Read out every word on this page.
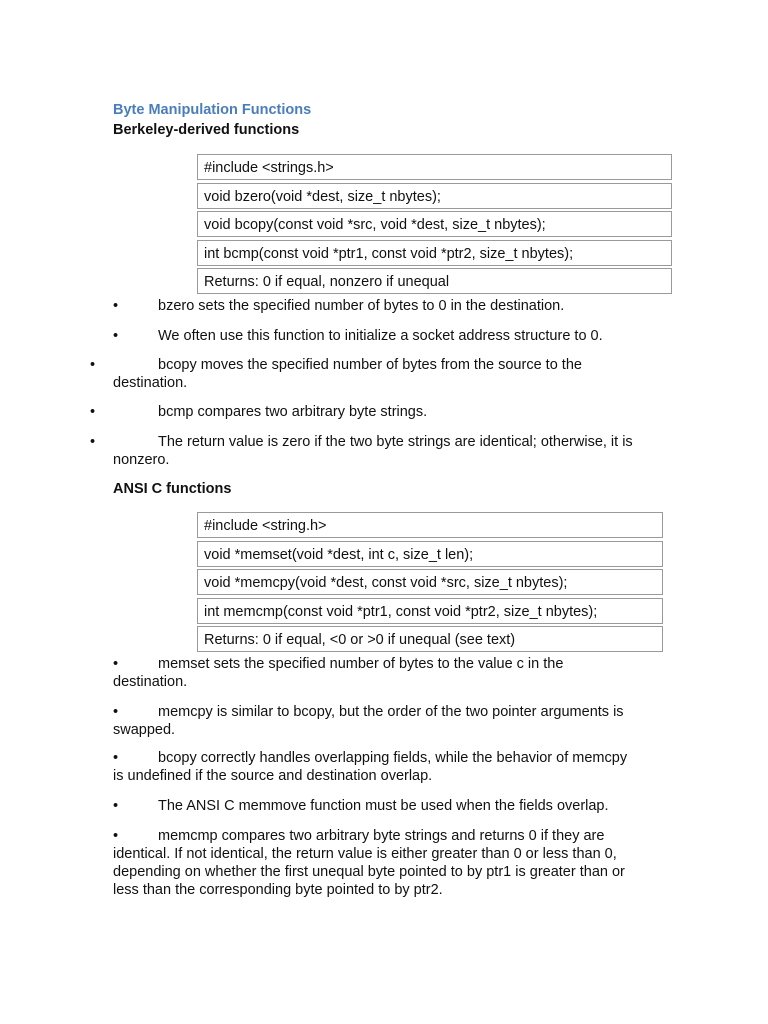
Byte Manipulation Functions
Berkeley-derived functions
#include <strings.h>
void bzero(void *dest, size_t nbytes);
void bcopy(const void *src, void *dest, size_t nbytes);
int bcmp(const void *ptr1, const void *ptr2, size_t nbytes);
Returns: 0 if equal, nonzero if unequal
•	bzero sets the specified number of bytes to 0 in the destination.

•	We often use this function to initialize a socket address structure to 0.

•	bcopy moves the specified number of bytes from the source to the

destination.

•	bcmp compares two arbitrary byte strings.

•	The return value is zero if the two byte strings are identical; otherwise, it is

nonzero.

ANSI C functions
#include <string.h>
void *memset(void *dest, int c, size_t len);
void *memcpy(void *dest, const void *src, size_t nbytes);
int memcmp(const void *ptr1, const void *ptr2, size_t nbytes);
Returns: 0 if equal, <0 or >0 if unequal (see text)
•	memset sets the specified number of bytes to the value c in the

destination.

•	memcpy is similar to bcopy, but the order of the two pointer arguments is

swapped.

•	bcopy correctly handles overlapping fields, while the behavior of memcpy

is undefined if the source and destination overlap.

•	The ANSI C memmove function must be used when the fields overlap.

•	memcmp compares two arbitrary byte strings and returns 0 if they are

identical. If not identical, the return value is either greater than 0 or less than 0,

depending on whether the first unequal byte pointed to by ptr1 is greater than or

less than the corresponding byte pointed to by ptr2.
